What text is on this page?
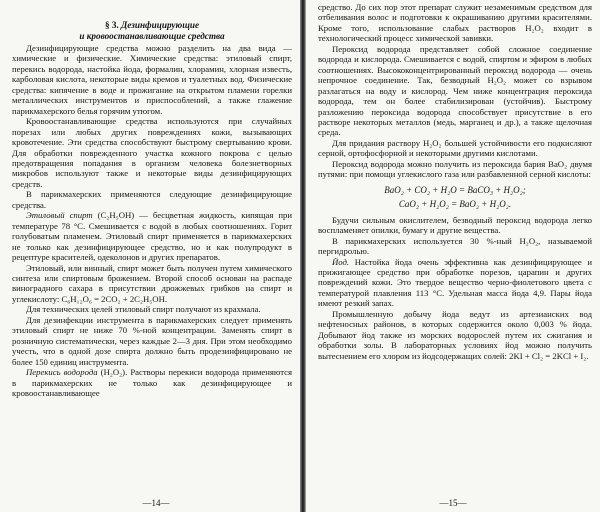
§ 3. Дезинфицирующие

и кровоостанавливающие средства

Дезинфицирующие средства можно разделить на два вида — химические и физические. Химические средства: этиловый спирт, перекись водорода, настойка йода, формалин, хлорамин, хлорная известь, карболовая кислота, некоторые виды кремов и туалетных вод. Физические средства: кипячение в воде и прожигание на открытом пламени горелки металлических инструментов и приспособлений, а также глажение парикмахерского белья горячим утюгом.

Кровоостанавливающие средства используются при случайных порезах или любых других повреждениях кожи, вызывающих кровотечение. Эти средства способствуют быстрому свертыванию крови. Для обработки поврежденного участка кожного покрова с целью предотвращения попадания в организм человека болезнетворных микробов используют также и некоторые виды дезинфицирующих средств.

В парикмахерских применяются следующие дезинфицирующие средства.

Этиловый спирт (C₂H₅OH) — бесцветная жидкость, кипящая при температуре 78 °С. Смешивается с водой в любых соотношениях. Горит голубоватым пламенем. Этиловый спирт применяется в парикмахерских не только как дезинфицирующее средство, но и как полупродукт в рецептуре красителей, одеколонов и других препаратов.

Этиловый, или винный, спирт может быть получен путем химического синтеза или спиртовым брожением. Второй способ основан на распаде виноградного сахара в присутствии дрожжевых грибков на спирт и углекислоту: C₆H₁₂O₆ = 2CO₂ + 2C₂H₅OH.

Для технических целей этиловый спирт получают из крахмала.

Для дезинфекции инструмента в парикмахерских следует применять этиловый спирт не ниже 70 %-ной концентрации. Заменять спирт в розничную систематически, через каждые 2—3 дня. При этом необходимо учесть, что в одной дозе спирта должно быть продезинфицировано не более 150 единиц инструмента.

Перекись водорода (H₂O₂). Растворы перекиси водорода применяются в парикмахерских не только как дезинфицирующее и кровоостанавливающее

—14—

средство. До сих пор этот препарат служит незаменимым средством для отбеливания волос и подготовки к окрашиванию другими красителями. Кроме того, использование слабых растворов H₂O₂ входит в технологический процесс химической завивки.

Пероксид водорода представляет собой сложное соединение водорода и кислорода. Смешивается с водой, спиртом и эфиром в любых соотношениях. Высококонцентрированный пероксид водорода — очень непрочное соединение. Так, безводный H₂O₂ может со взрывом разлагаться на воду и кислород. Чем ниже концентрация пероксида водорода, тем он более стабилизирован (устойчив). Быстрому разложению пероксида водорода способствует присутствие в его растворе некоторых металлов (медь, марганец и др.), а также щелочная среда.

Для придания раствору H₂O₂ большей устойчивости его подкисляют серной, ортофосфорной и некоторыми другими кислотами.

Пероксид водорода можно получить из пероксида бария BaO₂ двумя путями: при помощи углекислого газа или разбавленной серной кислоты:

BaO₂ + CO₂ + H₂O = BaCO₃ + H₂O₂;

CaO₂ + H₂O₂ = BaO₂ + H₂O₂.

Будучи сильным окислителем, безводный пероксид водорода легко воспламеняет опилки, бумагу и другие вещества.

В парикмахерских используется 30 %-ный H₂O₂, называемой пергидролью.

Йод. Настойка йода очень эффективна как дезинфицирующее и прижигающее средство при обработке порезов, царапин и других повреждений кожи. Это твердое вещество черно-фиолетового цвета с температурой плавления 113 °С. Удельная масса йода 4,9. Пары йода имеют резкий запах.

Промышленную добычу йода ведут из артезианских вод нефтеносных районов, в которых содержится около 0,003 % йода. Добывают йод также из морских водорослей путем их сжигания и обработки золы. В лабораторных условиях йод можно получить вытеснением его хлором из йодсодержащих солей: 2KI + Cl₂ = 2KCl + I₂.

—15—
